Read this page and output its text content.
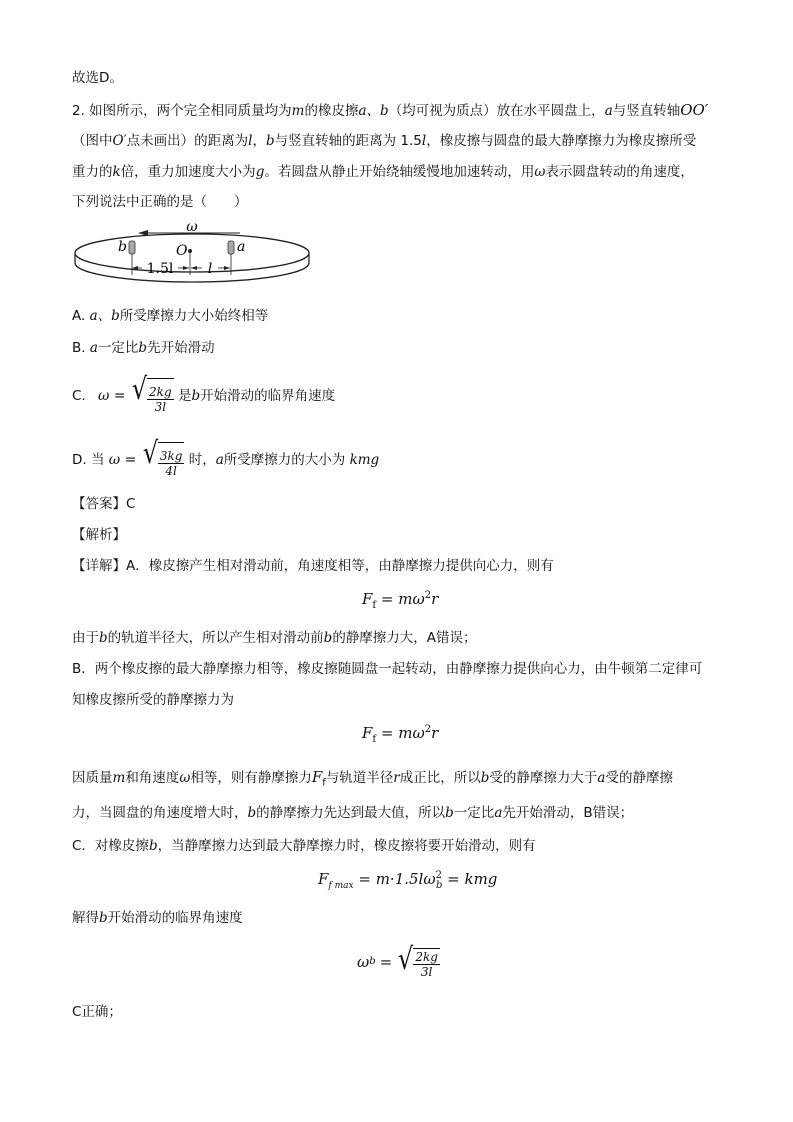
故选D。
2. 如图所示，两个完全相同质量均为m的橡皮擦a、b（均可视为质点）放在水平圆盘上，a与竖直转轴OO′
（图中O′点未画出）的距离为l，b与竖直转轴的距离为 1.5l，橡皮擦与圆盘的最大静摩擦力为橡皮擦所受
重力的k倍，重力加速度大小为g。若圆盘从静止开始绕轴缓慢地加速转动，用ω表示圆盘转动的角速度，
下列说法中正确的是（　　）
ω
b	a
O
1.5l l
A. a、b所受摩擦力大小始终相等
B. a一定比b先开始滑动
C. ω = √ $\frac{2kg}{3l}$ 是b开始滑动的临界角速度
D. 当 ω = √ $\frac{3kg}{4l}$ 时，a所受摩擦力的大小为 kmg
【答案】C
【解析】
【详解】A．橡皮擦产生相对滑动前，角速度相等，由静摩擦力提供向心力，则有
$F_f = m\omega^2r$
由于b的轨道半径大，所以产生相对滑动前b的静摩擦力大，A错误；
B．两个橡皮擦的最大静摩擦力相等，橡皮擦随圆盘一起转动，由静摩擦力提供向心力，由牛顿第二定律可
知橡皮擦所受的静摩擦力为
$F_f = m\omega^2r$
因质量m和角速度ω相等，则有静摩擦力$F_f$与轨道半径r成正比，所以b受的静摩擦力大于a受的静摩擦
力，当圆盘的角速度增大时，b的静摩擦力先达到最大值，所以b一定比a先开始滑动，B错误；
C．对橡皮擦b，当静摩擦力达到最大静摩擦力时，橡皮擦将要开始滑动，则有
$F_{f max} = m\cdot 1.5l\omega^2_b$ = kmg
解得b开始滑动的临界角速度
ω b = √ $\frac{2kg}{3l}$
C正确；
